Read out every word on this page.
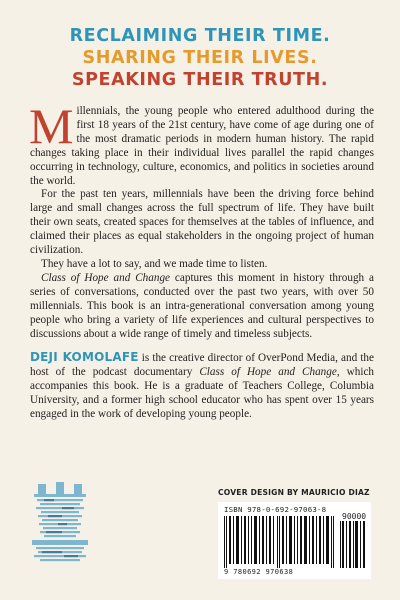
RECLAIMING THEIR TIME.
SHARING THEIR LIVES.
SPEAKING THEIR TRUTH.

Millennials, the young people who entered adulthood during the first 18 years of the 21st century, have come of age during one of the most dramatic periods in modern human history. The rapid changes taking place in their individual lives parallel the rapid changes occurring in technology, culture, economics, and politics in societies around the world.

For the past ten years, millennials have been the driving force behind large and small changes across the full spectrum of life. They have built their own seats, created spaces for themselves at the tables of influence, and claimed their places as equal stakeholders in the ongoing project of human civilization.

They have a lot to say, and we made time to listen.

Class of Hope and Change captures this moment in history through a series of conversations, conducted over the past two years, with over 50 millennials. This book is an intra-generational conversation among young people who bring a variety of life experiences and cultural perspectives to discussions about a wide range of timely and timeless subjects.

DEJI KOMOLAFE is the creative director of OverPond Media, and the host of the podcast documentary Class of Hope and Change, which accompanies this book. He is a graduate of Teachers College, Columbia University, and a former high school educator who has spent over 15 years engaged in the work of developing young people.

COVER DESIGN BY MAURICIO DIAZ
ISBN 978-0-692-97063-8
90000
9 780692 970638
